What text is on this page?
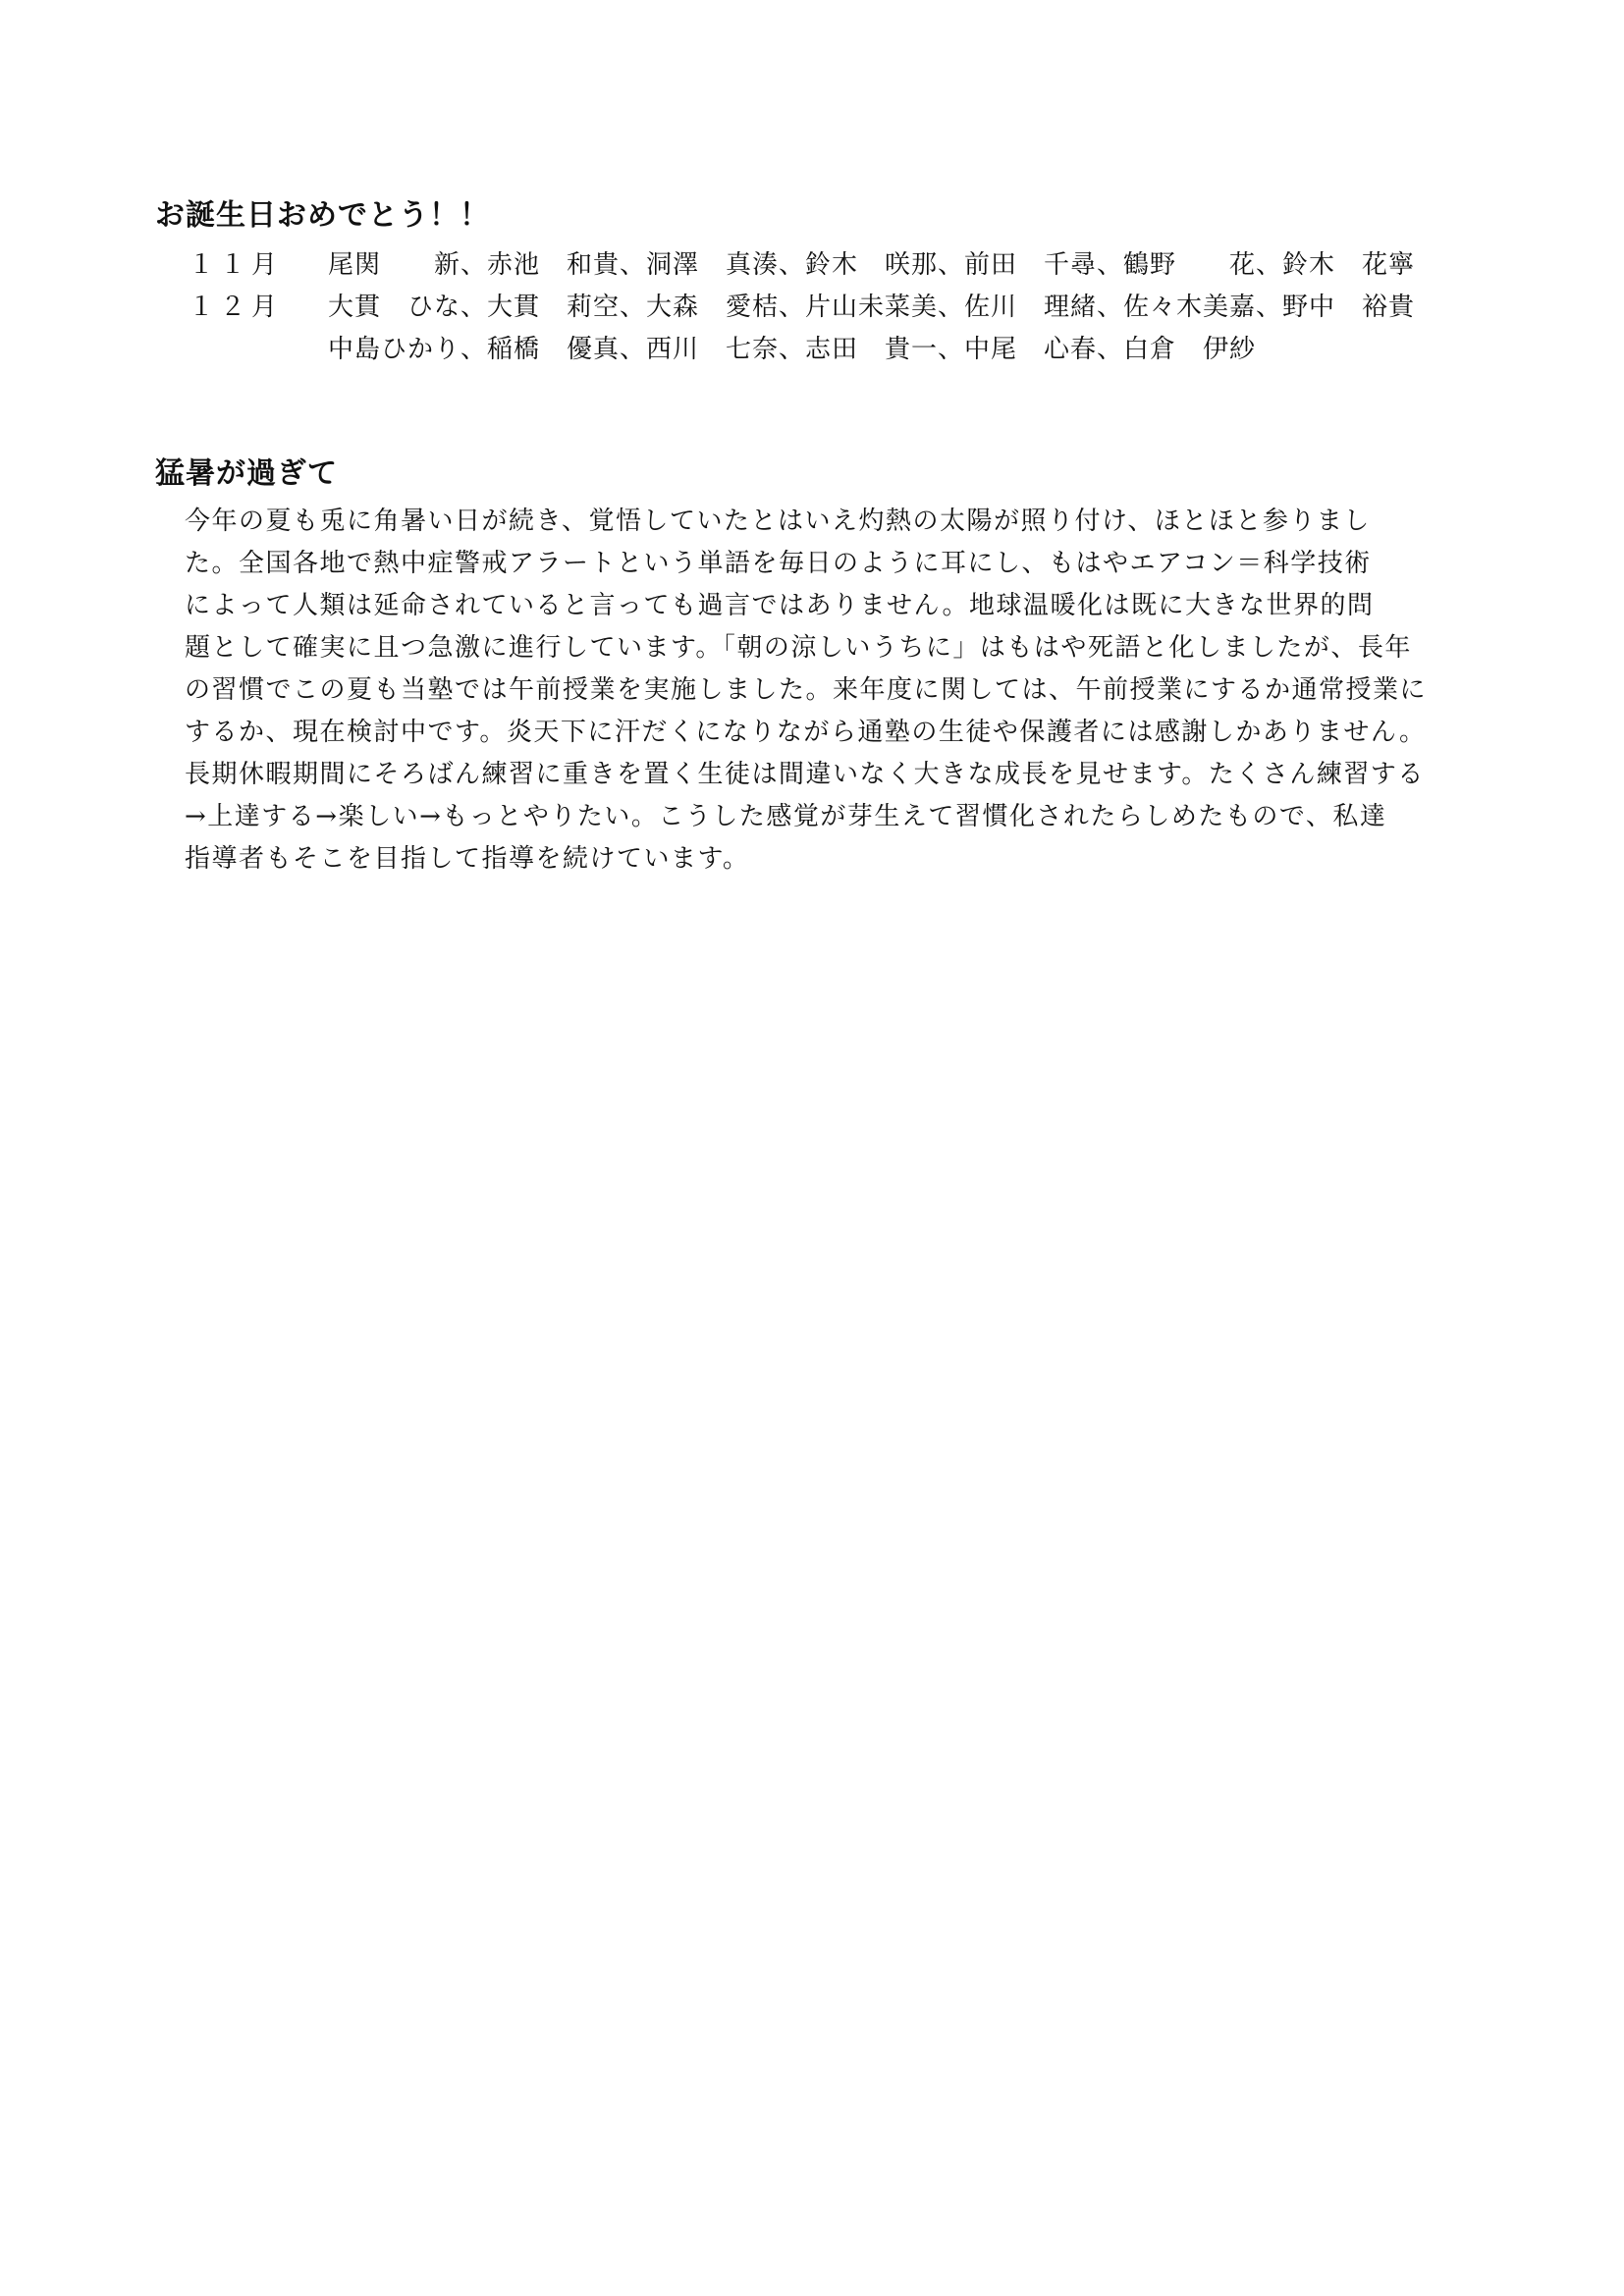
お誕生日おめでとう！！
１１月 尾関　　新、赤池　和貴、洞澤　真湊、鈴木　咲那、前田　千尋、鶴野　　花、鈴木　花寧
１２月 大貫　ひな、大貫　莉空、大森　愛桔、片山未菜美、佐川　理緒、佐々木美嘉、野中　裕貴
中島ひかり、稲橋　優真、西川　七奈、志田　貴一、中尾　心春、白倉　伊紗
猛暑が過ぎて
今年の夏も兎に角暑い日が続き、覚悟していたとはいえ灼熱の太陽が照り付け、ほとほと参りまし
た。全国各地で熱中症警戒アラートという単語を毎日のように耳にし、もはやエアコン＝科学技術
によって人類は延命されていると言っても過言ではありません。地球温暖化は既に大きな世界的問
題として確実に且つ急激に進行しています。「朝の涼しいうちに」はもはや死語と化しましたが、長年
の習慣でこの夏も当塾では午前授業を実施しました。来年度に関しては、午前授業にするか通常授業に
するか、現在検討中です。炎天下に汗だくになりながら通塾の生徒や保護者には感謝しかありません。
長期休暇期間にそろばん練習に重きを置く生徒は間違いなく大きな成長を見せます。たくさん練習する
→上達する→楽しい→もっとやりたい。こうした感覚が芽生えて習慣化されたらしめたもので、私達
指導者もそこを目指して指導を続けています。
